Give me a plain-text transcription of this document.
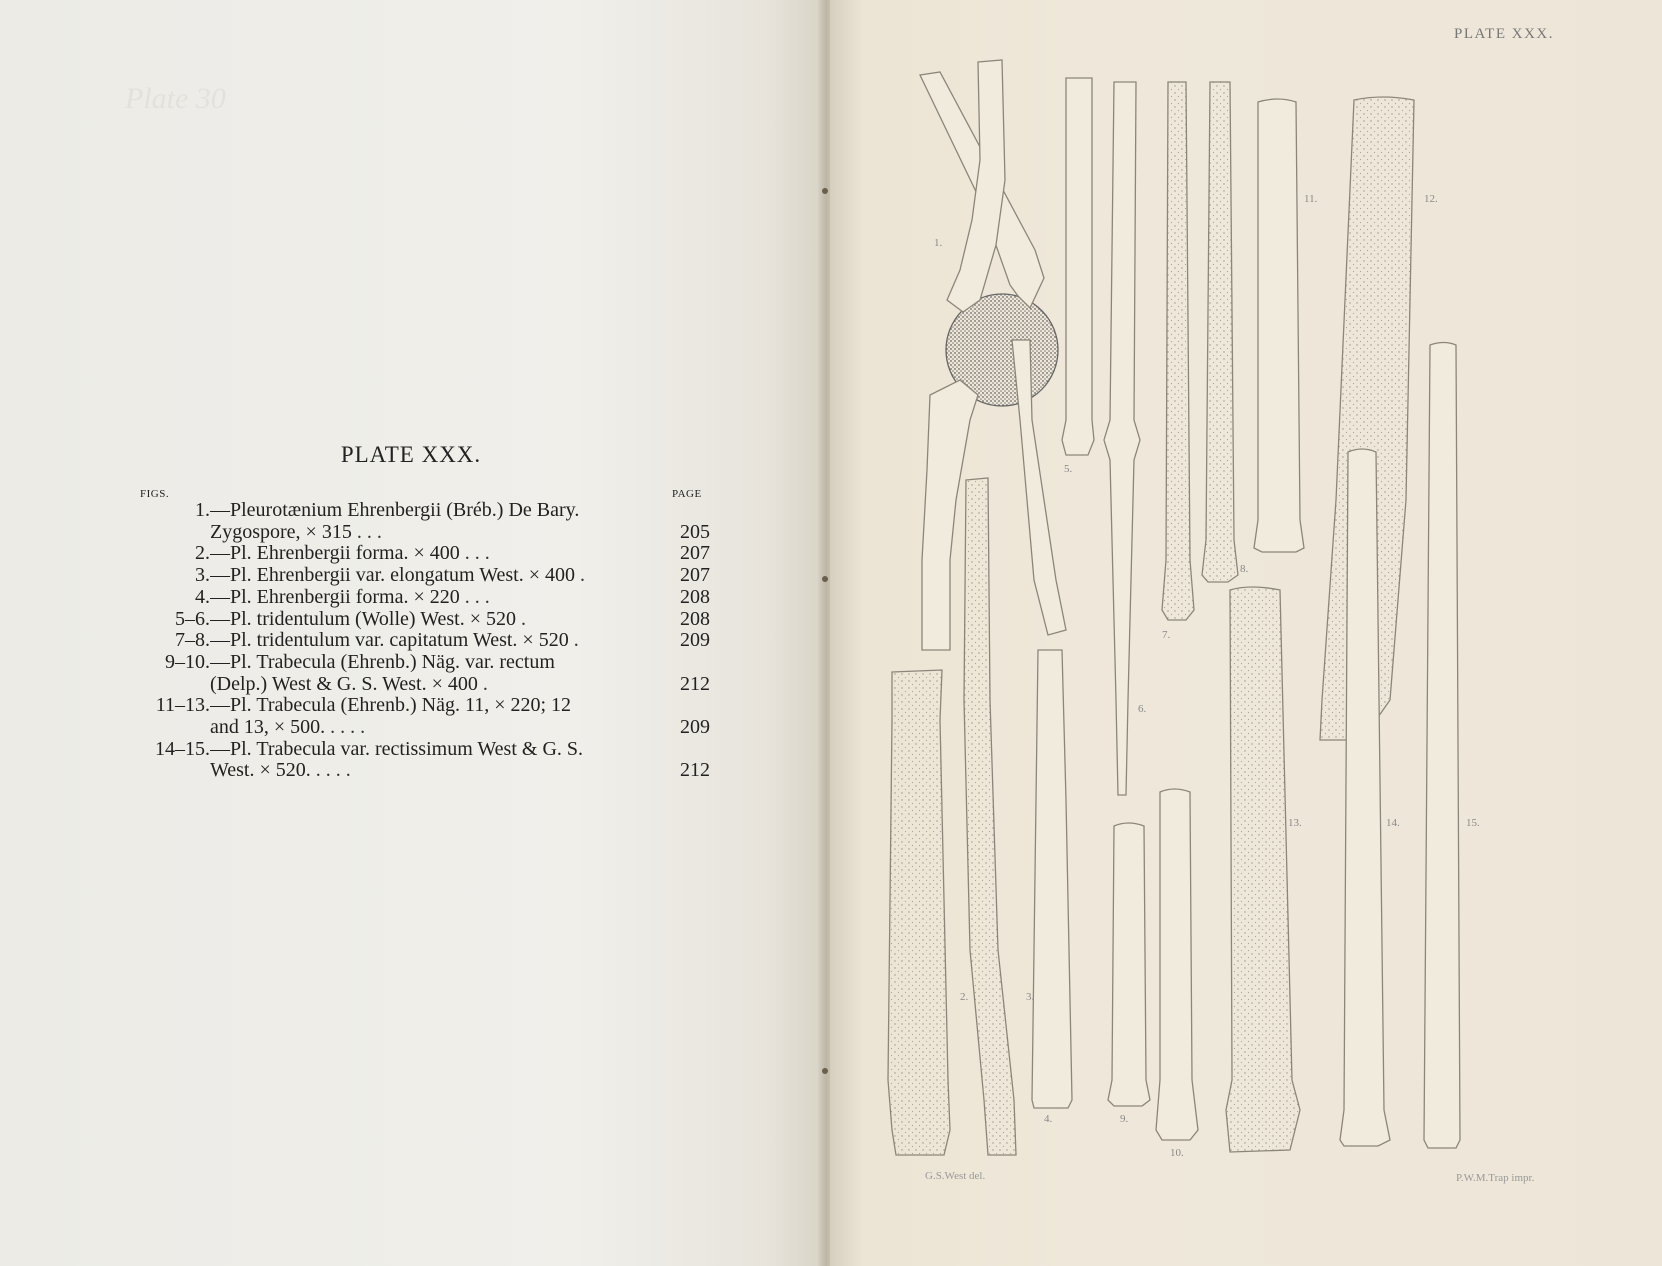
Plate 30
PLATE XXX.
FIGS.	PAGE
1. —Pleurotænium Ehrenbergii (Bréb.) De Bary.
Zygospore, × 315 . . .	205
2. —Pl. Ehrenbergii forma. × 400 . . .	207
3. —Pl. Ehrenbergii var. elongatum West. × 400 .	207
4. —Pl. Ehrenbergii forma. × 220 . . .	208
5–6. —Pl. tridentulum (Wolle) West. × 520 .	208
7–8. —Pl. tridentulum var. capitatum West. × 520 .	209
9–10. —Pl. Trabecula (Ehrenb.) Näg. var. rectum
(Delp.) West & G. S. West. × 400 .	212
11–13. —Pl. Trabecula (Ehrenb.) Näg. 11, × 220; 12
and 13, × 500. . . . .	209
14–15. —Pl. Trabecula var. rectissimum West & G. S.
West. × 520. . . . .	212
PLATE XXX.
1.
2.	3.
4.
5.
6.
7.
8.
9.
10.
11.	12.
13.	14.	15.
G.S.West del.	P.W.M.Trap impr.
